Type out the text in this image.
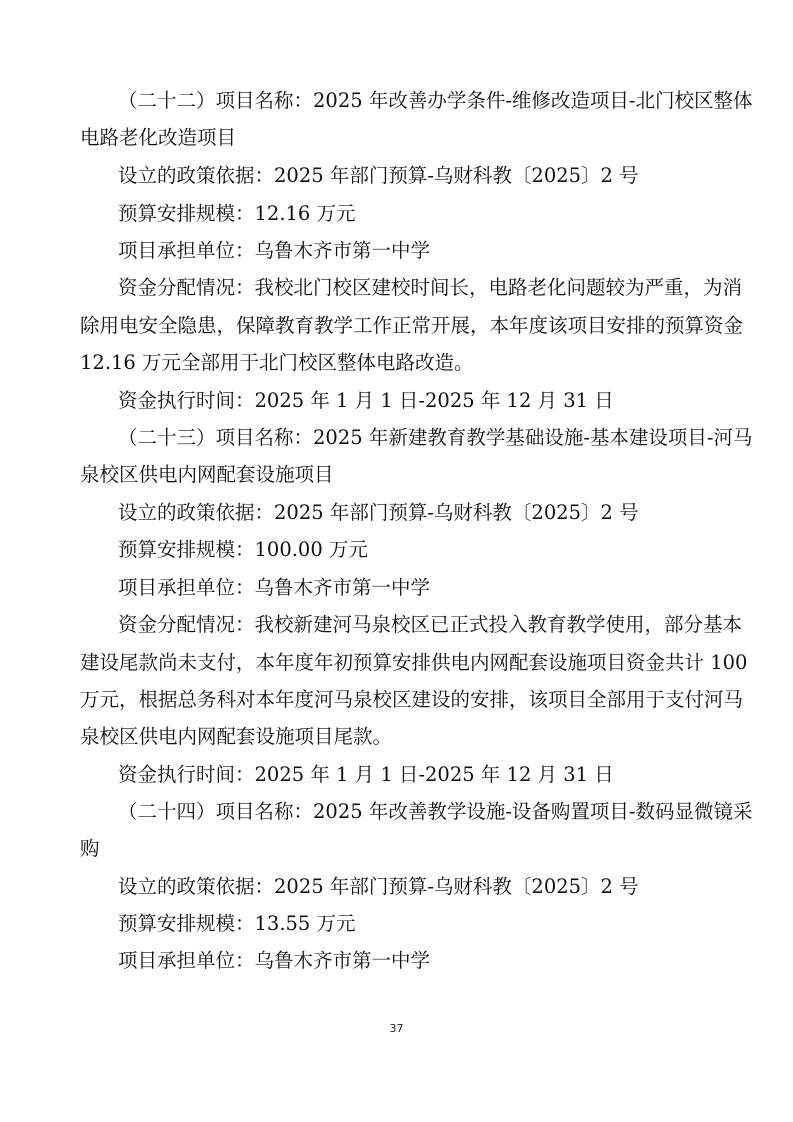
（二十二）项目名称：2025 年改善办学条件-维修改造项目-北门校区整体
电路老化改造项目
设立的政策依据：2025 年部门预算-乌财科教〔2025〕2 号
预算安排规模：12.16 万元
项目承担单位：乌鲁木齐市第一中学
资金分配情况：我校北门校区建校时间长，电路老化问题较为严重，为消
除用电安全隐患，保障教育教学工作正常开展，本年度该项目安排的预算资金
12.16 万元全部用于北门校区整体电路改造。
资金执行时间：2025 年 1 月 1 日-2025 年 12 月 31 日
（二十三）项目名称：2025 年新建教育教学基础设施-基本建设项目-河马
泉校区供电内网配套设施项目
设立的政策依据：2025 年部门预算-乌财科教〔2025〕2 号
预算安排规模：100.00 万元
项目承担单位：乌鲁木齐市第一中学
资金分配情况：我校新建河马泉校区已正式投入教育教学使用，部分基本
建设尾款尚未支付，本年度年初预算安排供电内网配套设施项目资金共计 100
万元，根据总务科对本年度河马泉校区建设的安排，该项目全部用于支付河马
泉校区供电内网配套设施项目尾款。
资金执行时间：2025 年 1 月 1 日-2025 年 12 月 31 日
（二十四）项目名称：2025 年改善教学设施-设备购置项目-数码显微镜采
购
设立的政策依据：2025 年部门预算-乌财科教〔2025〕2 号
预算安排规模：13.55 万元
项目承担单位：乌鲁木齐市第一中学
37
